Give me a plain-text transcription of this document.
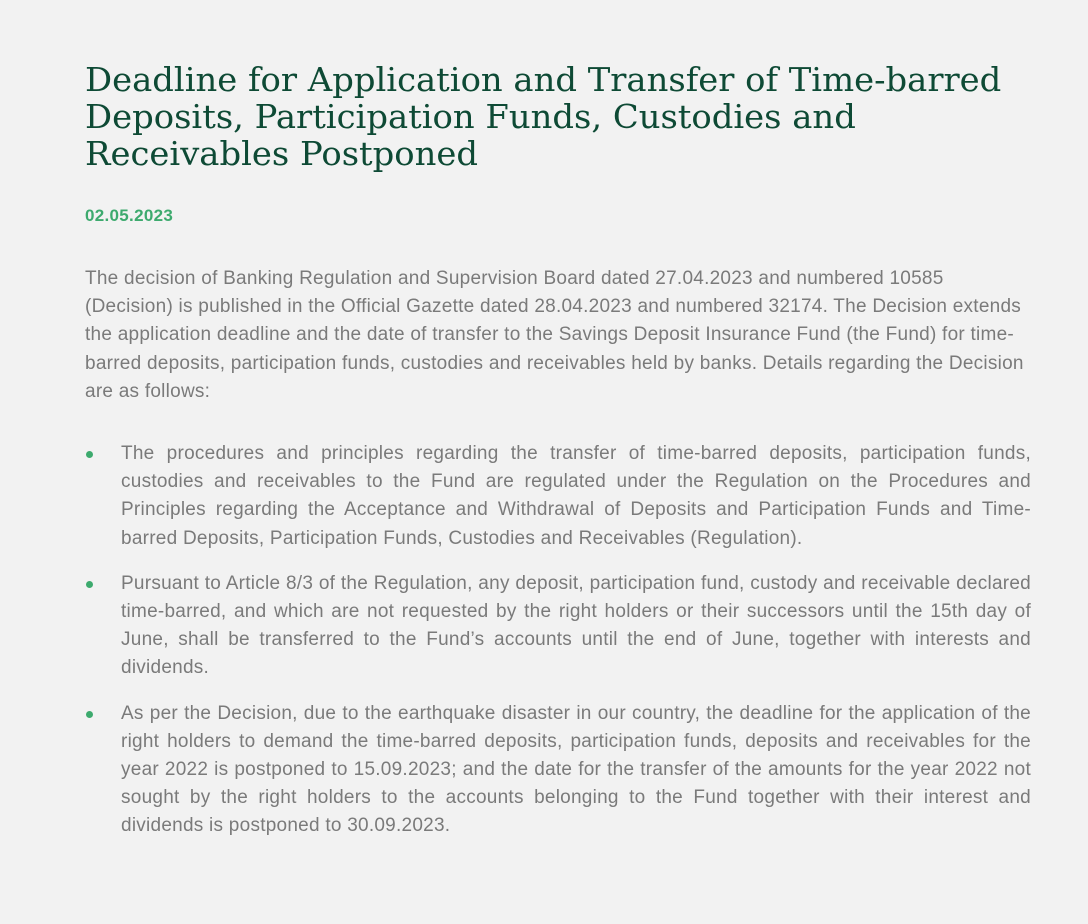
Deadline for Application and Transfer of Time-barred Deposits, Participation Funds, Custodies and Receivables Postponed
02.05.2023

The decision of Banking Regulation and Supervision Board dated 27.04.2023 and numbered 10585 (Decision) is published in the Official Gazette dated 28.04.2023 and numbered 32174. The Decision extends the application deadline and the date of transfer to the Savings Deposit Insurance Fund (the Fund) for time-barred deposits, participation funds, custodies and receivables held by banks. Details regarding the Decision are as follows:

The procedures and principles regarding the transfer of time-barred deposits, participation funds, custodies and receivables to the Fund are regulated under the Regulation on the Procedures and Principles regarding the Acceptance and Withdrawal of Deposits and Participation Funds and Time-barred Deposits, Participation Funds, Custodies and Receivables (Regulation).
Pursuant to Article 8/3 of the Regulation, any deposit, participation fund, custody and receivable declared time-barred, and which are not requested by the right holders or their successors until the 15th day of June, shall be transferred to the Fund’s accounts until the end of June, together with interests and dividends.
As per the Decision, due to the earthquake disaster in our country, the deadline for the application of the right holders to demand the time-barred deposits, participation funds, deposits and receivables for the year 2022 is postponed to 15.09.2023; and the date for the transfer of the amounts for the year 2022 not sought by the right holders to the accounts belonging to the Fund together with their interest and dividends is postponed to 30.09.2023.
